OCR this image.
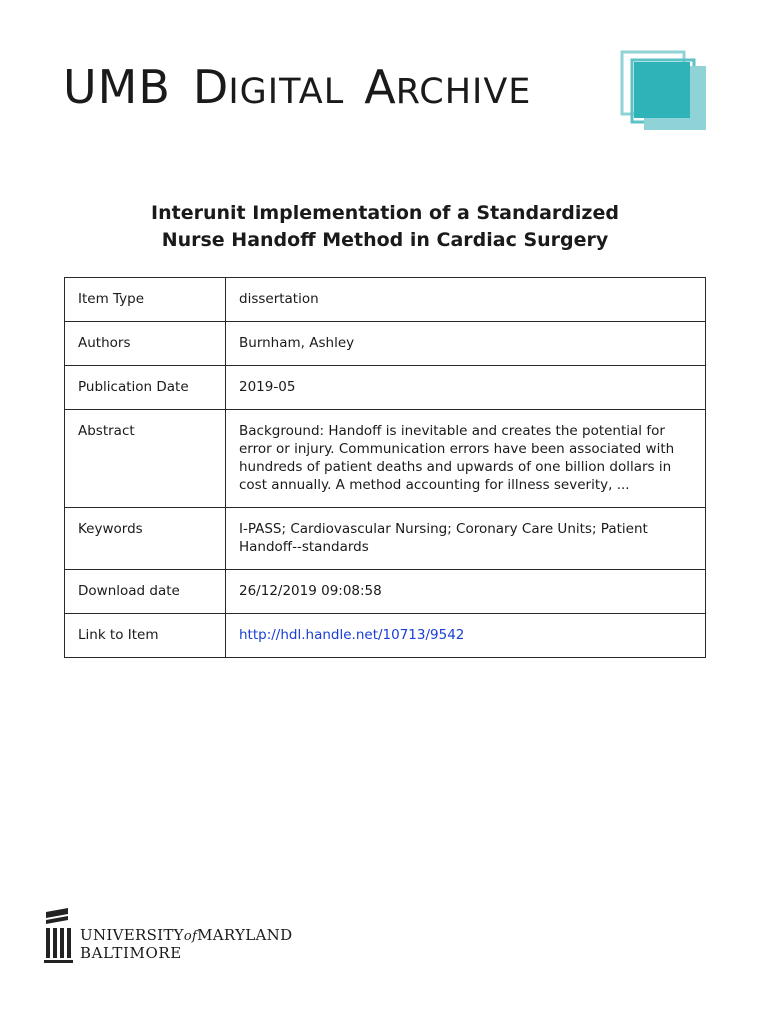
UMB DIGITAL ARCHIVE
Interunit Implementation of a Standardized
Nurse Handoff Method in Cardiac Surgery
Item Type	dissertation
Authors	Burnham, Ashley
Publication Date	2019-05
Abstract	Background: Handoff is inevitable and creates the potential for error or injury. Communication errors have been associated with hundreds of patient deaths and upwards of one billion dollars in cost annually. A method accounting for illness severity, ...
Keywords	I-PASS; Cardiovascular Nursing; Coronary Care Units; Patient Handoff--standards
Download date	26/12/2019 09:08:58
Link to Item	http://hdl.handle.net/10713/9542
UNIVERSITYofMARYLAND
BALTIMORE
